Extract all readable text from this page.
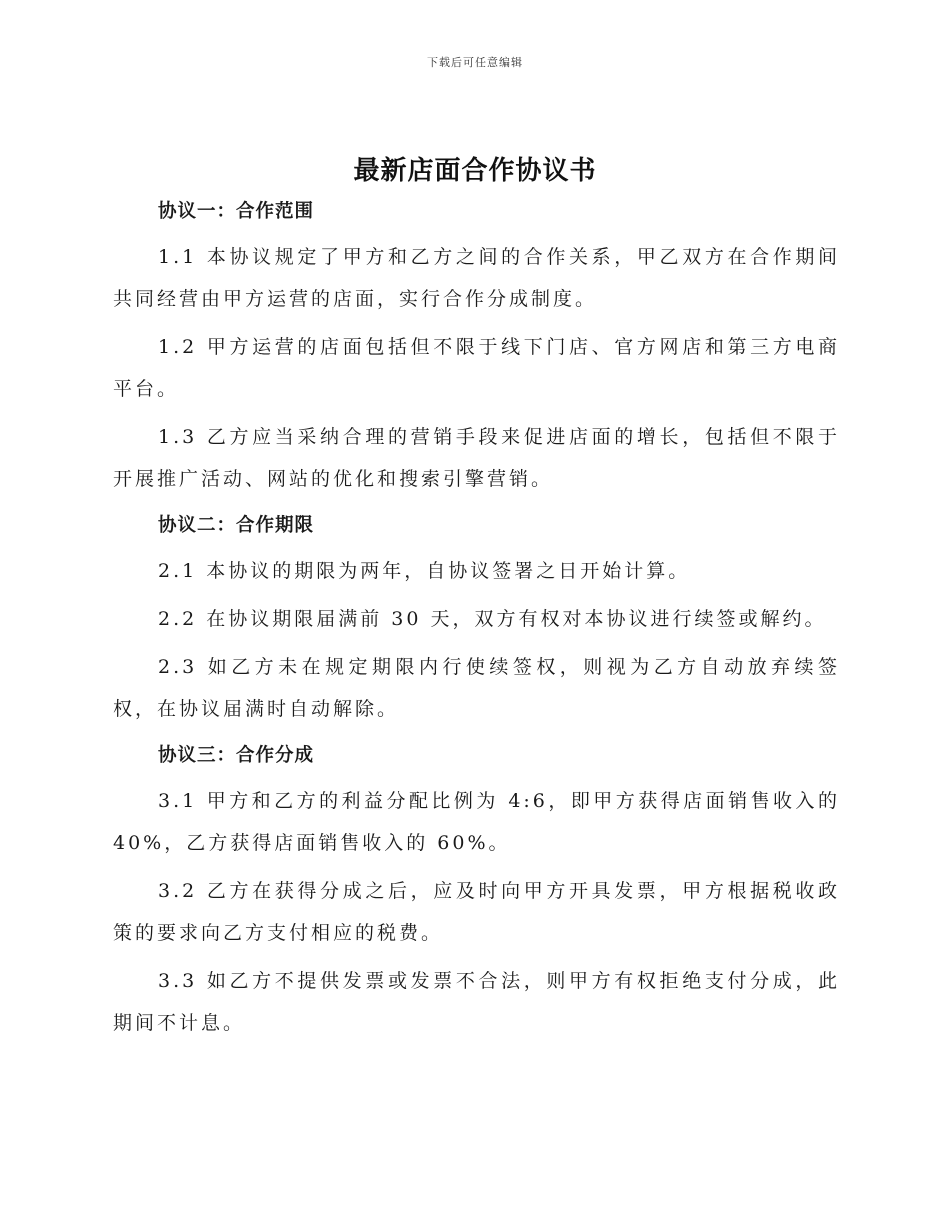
下载后可任意编辑
最新店面合作协议书
协议一：合作范围

1.1 本协议规定了甲方和乙方之间的合作关系，甲乙双方在合作期间共同经营由甲方运营的店面，实行合作分成制度。

1.2 甲方运营的店面包括但不限于线下门店、官方网店和第三方电商平台。

1.3 乙方应当采纳合理的营销手段来促进店面的增长，包括但不限于开展推广活动、网站的优化和搜索引擎营销。

协议二：合作期限

2.1 本协议的期限为两年，自协议签署之日开始计算。

2.2 在协议期限届满前 30 天，双方有权对本协议进行续签或解约。

2.3 如乙方未在规定期限内行使续签权，则视为乙方自动放弃续签权，在协议届满时自动解除。

协议三：合作分成

3.1 甲方和乙方的利益分配比例为 4:6，即甲方获得店面销售收入的40%，乙方获得店面销售收入的 60%。

3.2 乙方在获得分成之后，应及时向甲方开具发票，甲方根据税收政策的要求向乙方支付相应的税费。

3.3 如乙方不提供发票或发票不合法，则甲方有权拒绝支付分成，此期间不计息。
